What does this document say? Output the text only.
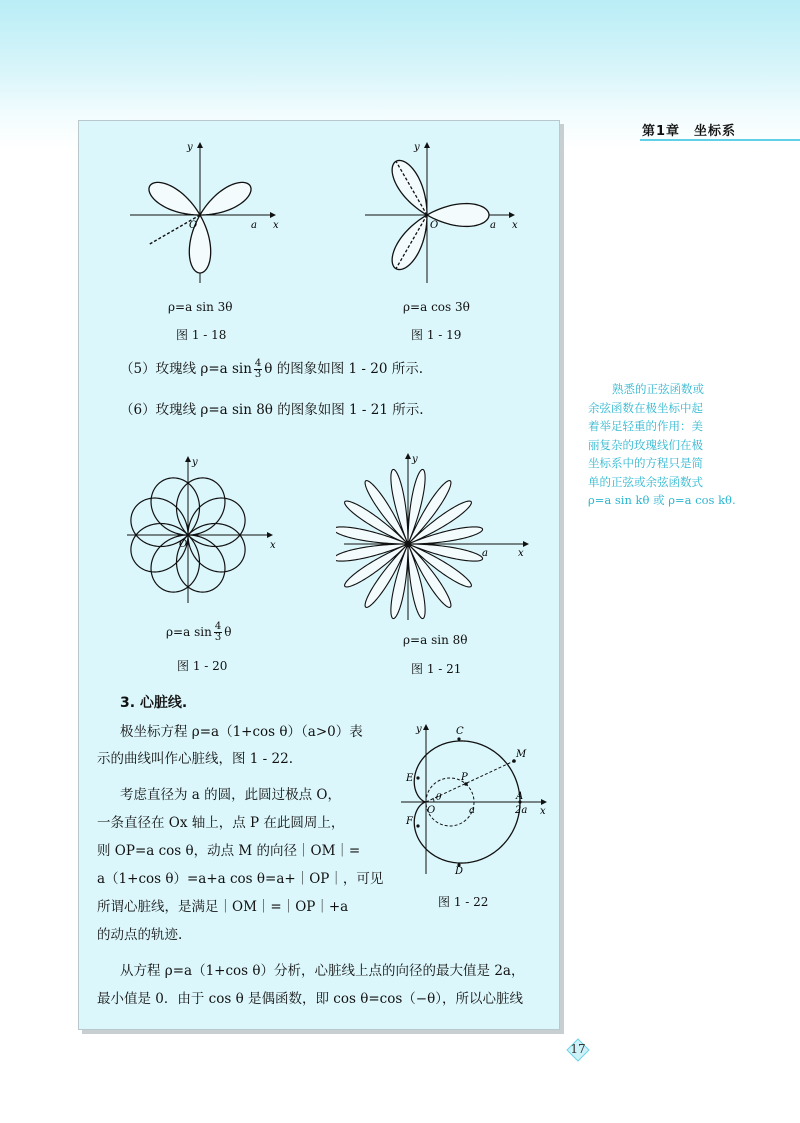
第1章　坐标系
y
x
a
O
ρ=a sin 3θ
图 1 - 18
y
x
a
O
ρ=a cos 3θ
图 1 - 19
（5）玫瑰线 ρ=a $\sin \frac{4}{3}$ θ 的图象如图 1 - 20 所示.
（6）玫瑰线 ρ=a sin 8θ 的图象如图 1 - 21 所示.
y
x
O
ρ=a $\sin \frac{4}{3}$ θ
图 1 - 20
y
x
a
ρ=a sin 8θ
图 1 - 21
3. 心脏线.
极坐标方程 ρ=a（1+cos θ）（a>0）表
示的曲线叫作心脏线，图 1 - 22.
考虑直径为 a 的圆，此圆过极点 O，
一条直径在 Ox 轴上，点 P 在此圆周上，
则 OP=a cos θ，动点 M 的向径｜OM｜=
a（1+cos θ）=a+a cos θ=a+｜OP｜，可见
所谓心脏线，是满足｜OM｜=｜OP｜+a
的动点的轨迹.
从方程 ρ=a（1+cos θ）分析，心脏线上点的向径的最大值是 2a，
最小值是 0．由于 cos θ 是偶函数，即 cos θ=cos（−θ），所以心脏线
y
x
C
M
P
E
F
D
O
θ
a
A
2a
图 1 - 22
熟悉的正弦函数或
余弦函数在极坐标中起
着举足轻重的作用：美
丽复杂的玫瑰线们在极
坐标系中的方程只是简
单的正弦或余弦函数式
ρ=a sin kθ 或 ρ=a cos kθ.
17
